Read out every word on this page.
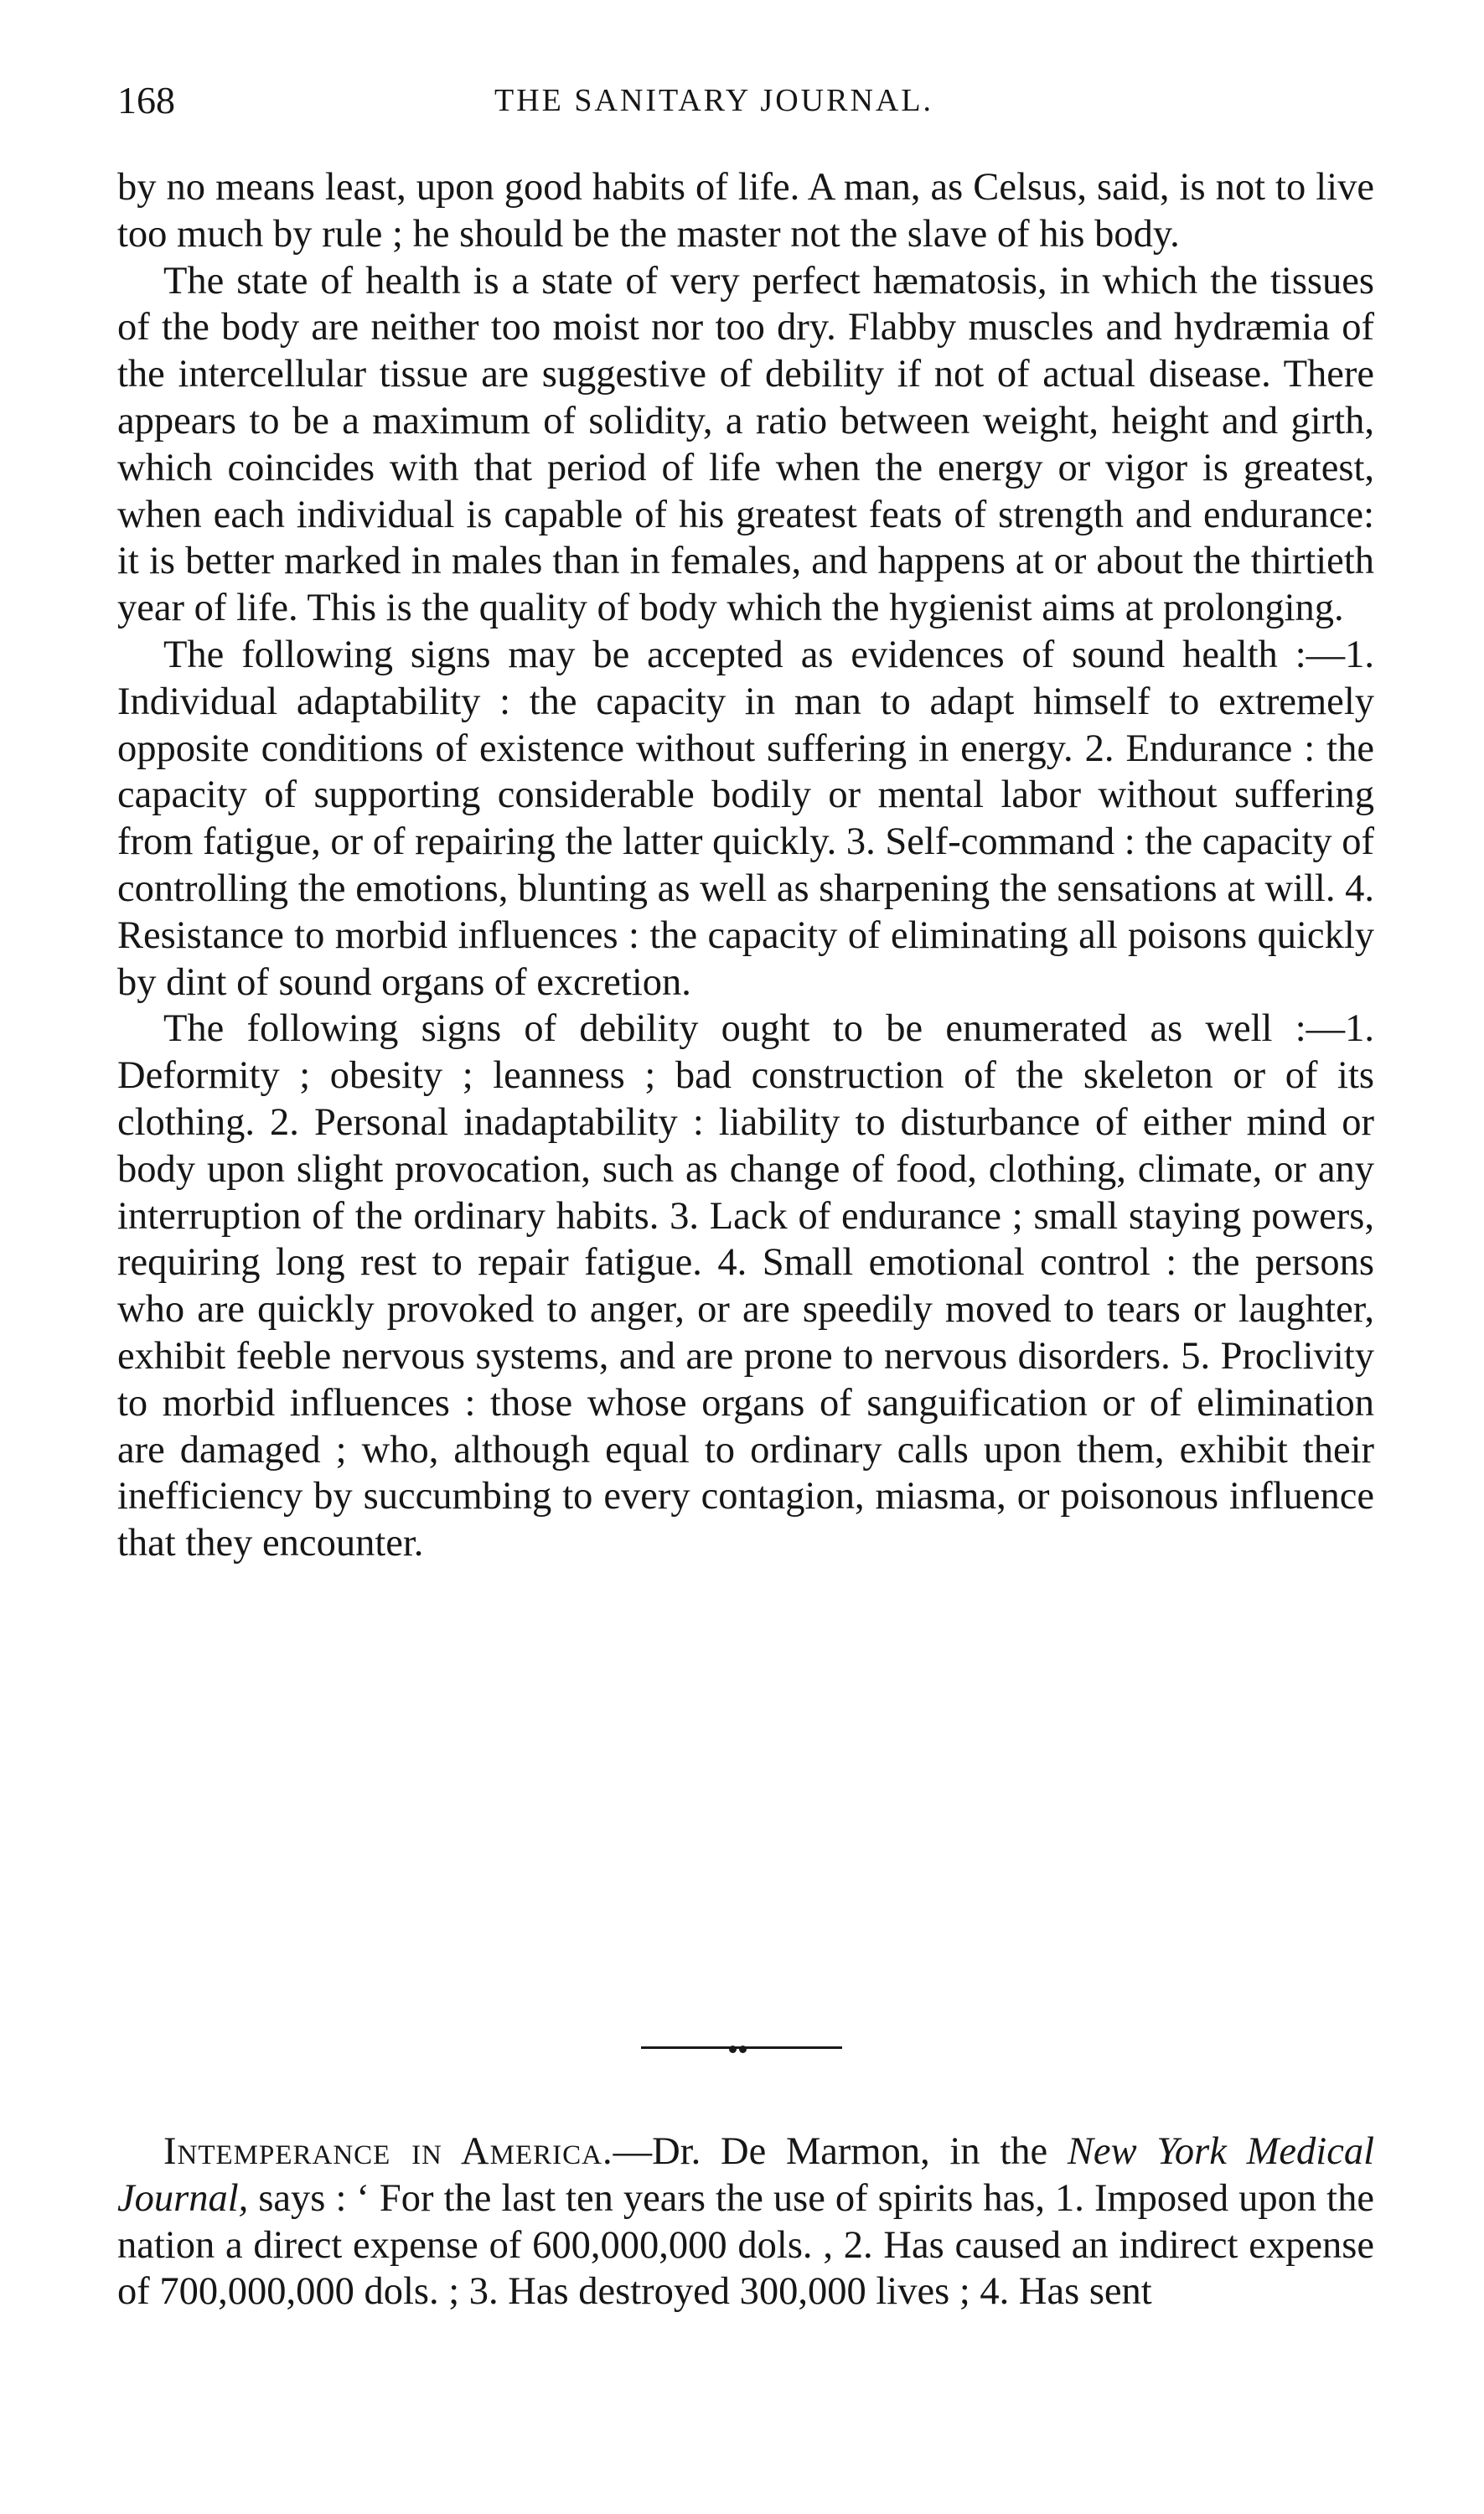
168	THE SANITARY JOURNAL.

by no means least, upon good habits of life. A man, as Celsus, said, is not to live too much by rule ; he should be the master not the slave of his body.

The state of health is a state of very perfect hæmatosis, in which the tissues of the body are neither too moist nor too dry. Flabby muscles and hydræmia of the intercellular tissue are suggestive of debility if not of actual disease. There appears to be a maximum of solidity, a ratio between weight, height and girth, which coincides with that period of life when the energy or vigor is greatest, when each individual is capable of his greatest feats of strength and endurance: it is better marked in males than in females, and happens at or about the thirtieth year of life. This is the quality of body which the hygienist aims at prolonging.

The following signs may be accepted as evidences of sound health :—1. Individual adaptability : the capacity in man to adapt himself to extremely opposite conditions of existence without suffering in energy. 2. Endurance : the capacity of supporting considerable bodily or mental labor without suffering from fatigue, or of repairing the latter quickly. 3. Self-command : the capacity of controlling the emotions, blunting as well as sharpening the sensations at will. 4. Resistance to morbid influences : the capacity of eliminating all poisons quickly by dint of sound organs of excretion.

The following signs of debility ought to be enumerated as well :—1. Deformity ; obesity ; leanness ; bad construction of the skeleton or of its clothing. 2. Personal inadaptability : liability to disturbance of either mind or body upon slight provocation, such as change of food, clothing, climate, or any interruption of the ordinary habits. 3. Lack of endurance ; small staying powers, requiring long rest to repair fatigue. 4. Small emotional control : the persons who are quickly provoked to anger, or are speedily moved to tears or laughter, exhibit feeble nervous systems, and are prone to nervous disorders. 5. Proclivity to morbid influences : those whose organs of sanguification or of elimination are damaged ; who, although equal to ordinary calls upon them, exhibit their inefficiency by succumbing to every contagion, miasma, or poisonous influence that they encounter.

Intemperance in America.—Dr. De Marmon, in the New York Medical Journal, says : ‘ For the last ten years the use of spirits has, 1. Imposed upon the nation a direct expense of 600,000,000 dols. , 2. Has caused an indirect expense of 700,000,000 dols. ; 3. Has destroyed 300,000 lives ; 4. Has sent
